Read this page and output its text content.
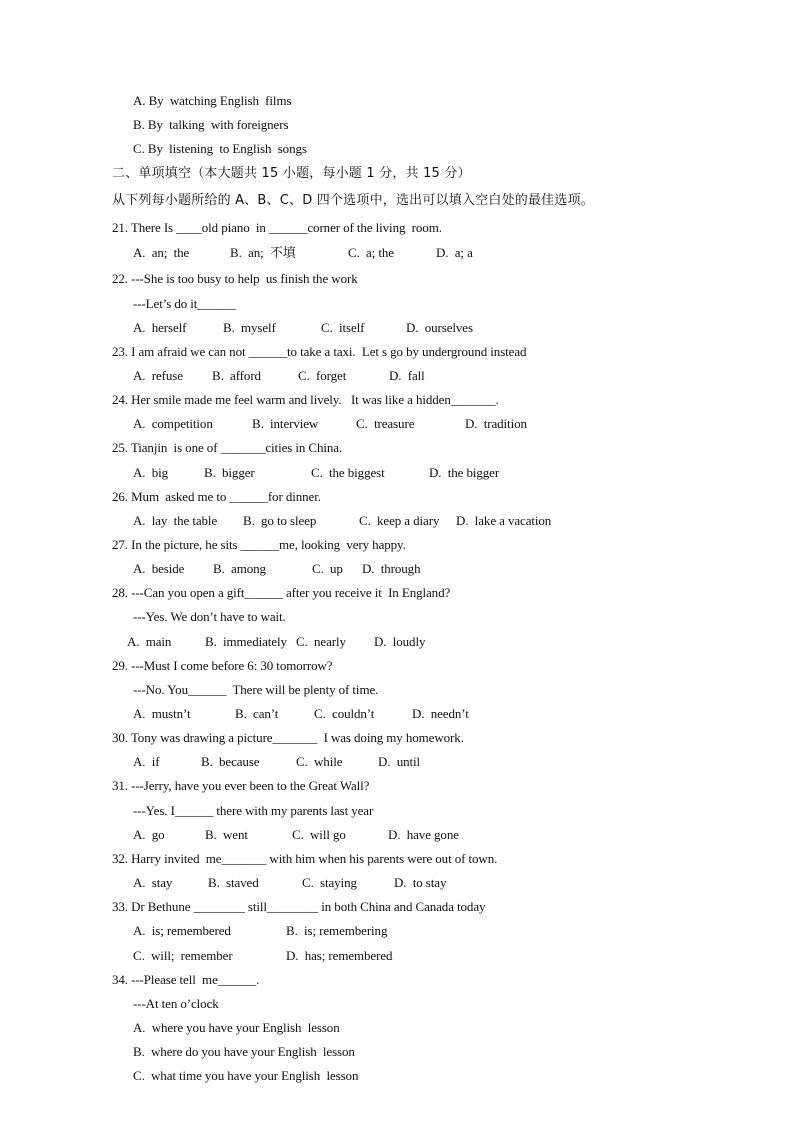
A. By  watching English  films
B. By  talking  with foreigners
C. By  listening  to English  songs
二、单项填空（本大题共 15 小题，每小题 1 分，共 15 分）
从下列每小题所给的 A、B、C、D 四个选项中，选出可以填入空白处的最佳选项。
21. There Is ____old piano  in ______corner of the living  room.
A.  an;  the	B.  an;  不填	C.  a; the	D.  a; a
22. ---She is too busy to help  us finish the work
---Let’s do it______
A.  herself	B.  myself	C.  itself	D.  ourselves
23. I am afraid we can not ______to take a taxi.  Let s go by underground instead
A.  refuse B.  afford	C.  forget	D.  fall
24. Her smile made me feel warm and lively.   It was like a hidden_______.
A.  competition	B.  interview	C.  treasure	D.  tradition
25. Tianjin  is one of _______cities in China.
A.  big	B.  bigger	C.  the biggest	D.  the bigger
26. Mum  asked me to ______for dinner.
A.  lay  the table B.  go to sleep	C.  keep a diary D.  lake a vacation
27. In the picture, he sits ______me, looking  very happy.
A.  beside B.  among	C.  up D.  through
28. ---Can you open a gift______ after you receive it  In England?
---Yes. We don’t have to wait.
A.  main	B.  immediately C.  nearly D.  loudly
29. ---Must I come before 6: 30 tomorrow?
---No. You______  There will be plenty of time.
A.  mustn’t	B.  can’t	C.  couldn’t	D.  needn’t
30. Tony was drawing a picture_______  I was doing my homework.
A.  if	B.  because	C.  while	D.  until
31. ---Jerry, have you ever been to the Great Wall?
---Yes. I______ there with my parents last year
A.  go	B.  went	C.  will go	D.  have gone
32. Harry invited  me_______ with him when his parents were out of town.
A.  stay	B.  staved	C.  staying	D.  to stay
33. Dr Bethune ________ still________ in both China and Canada today
A.  is; remembered	B.  is; remembering
C.  will;  remember	D.  has; remembered
34. ---Please tell  me______.
---At ten o’clock
A.  where you have your English  lesson
B.  where do you have your English  lesson
C.  what time you have your English  lesson
